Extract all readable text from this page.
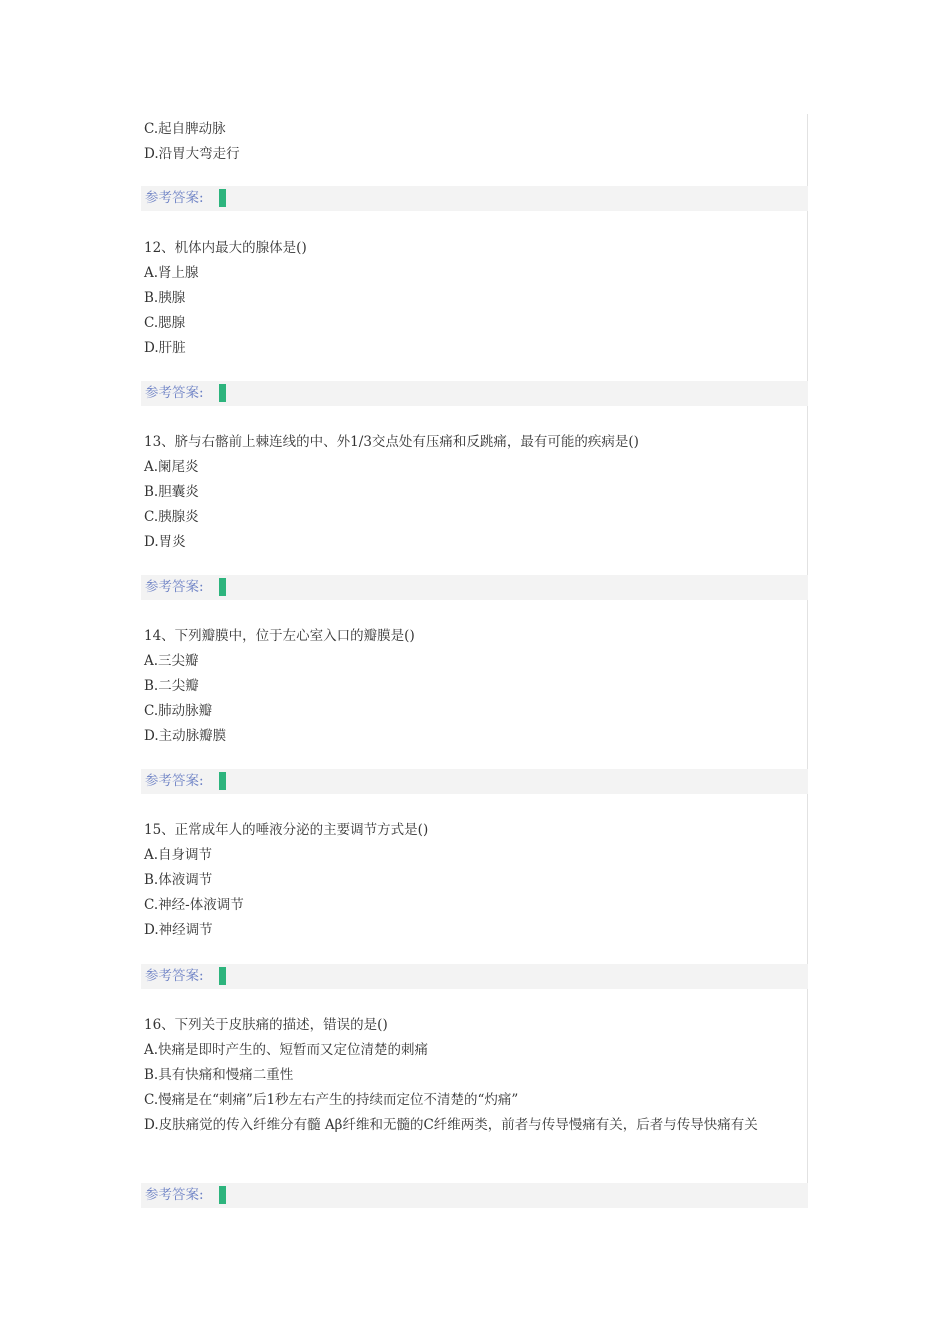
C.起自脾动脉
D.沿胃大弯走行
参考答案:
12、机体内最大的腺体是()
A.肾上腺
B.胰腺
C.腮腺
D.肝脏
参考答案:
13、脐与右髂前上棘连线的中、外1/3交点处有压痛和反跳痛，最有可能的疾病是()
A.阑尾炎
B.胆囊炎
C.胰腺炎
D.胃炎
参考答案:
14、下列瓣膜中，位于左心室入口的瓣膜是()
A.三尖瓣
B.二尖瓣
C.肺动脉瓣
D.主动脉瓣膜
参考答案:
15、正常成年人的唾液分泌的主要调节方式是()
A.自身调节
B.体液调节
C.神经-体液调节
D.神经调节
参考答案:
16、下列关于皮肤痛的描述，错误的是()
A.快痛是即时产生的、短暂而又定位清楚的刺痛
B.具有快痛和慢痛二重性
C.慢痛是在“刺痛”后1秒左右产生的持续而定位不清楚的“灼痛”
D.皮肤痛觉的传入纤维分有髓 Aβ纤维和无髓的C纤维两类，前者与传导慢痛有关，后者与传导快痛有关
参考答案:
